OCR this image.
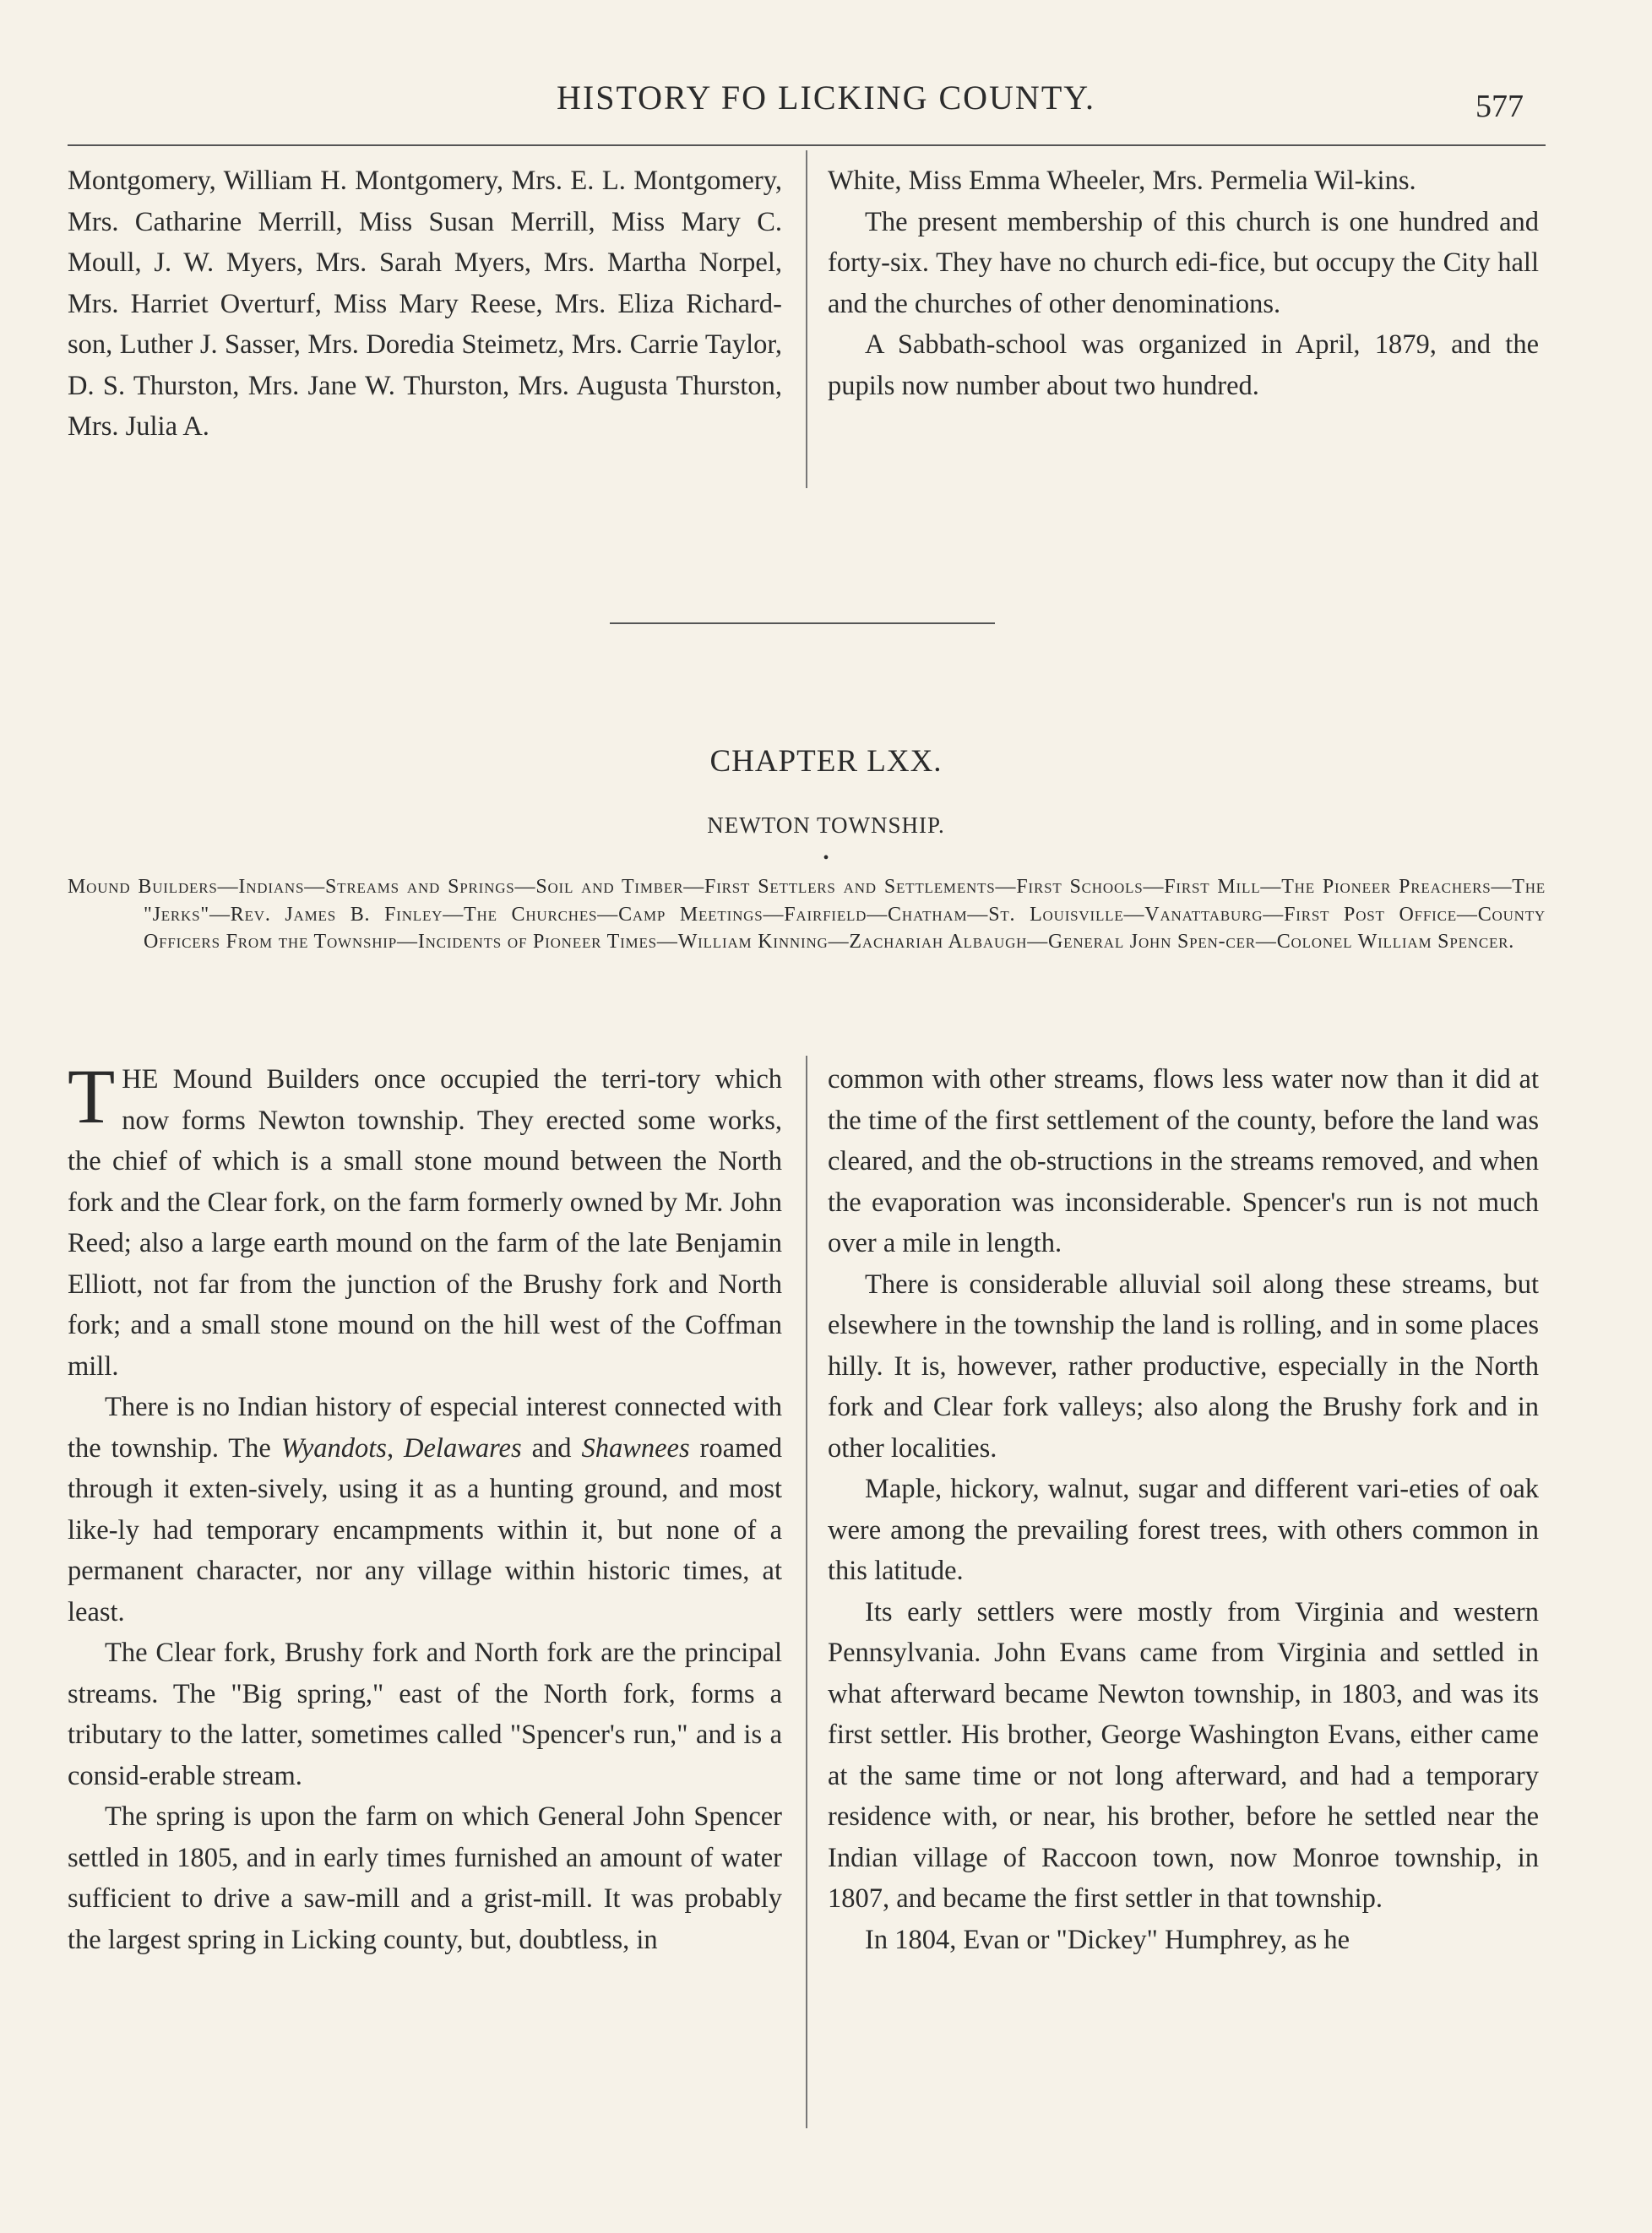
HISTORY FO LICKING COUNTY.	577

Montgomery, William H. Montgomery, Mrs. E. L. Montgomery, Mrs. Catharine Merrill, Miss Susan Merrill, Miss Mary C. Moull, J. W. Myers, Mrs. Sarah Myers, Mrs. Martha Norpel, Mrs. Harriet Overturf, Miss Mary Reese, Mrs. Eliza Richard-son, Luther J. Sasser, Mrs. Doredia Steimetz, Mrs. Carrie Taylor, D. S. Thurston, Mrs. Jane W. Thurston, Mrs. Augusta Thurston, Mrs. Julia A.

White, Miss Emma Wheeler, Mrs. Permelia Wil-kins.

The present membership of this church is one hundred and forty-six. They have no church edi-fice, but occupy the City hall and the churches of other denominations.

A Sabbath-school was organized in April, 1879, and the pupils now number about two hundred.

CHAPTER LXX.
NEWTON TOWNSHIP.
•
Mound Builders—Indians—Streams and Springs—Soil and Timber—First Settlers and Settlements—First Schools—First Mill—The Pioneer Preachers—The "Jerks"—Rev. James B. Finley—The Churches—Camp Meetings—Fairfield—Chatham—St. Louisville—Vanattaburg—First Post Office—County Officers From the Township—Incidents of Pioneer Times—William Kinning—Zachariah Albaugh—General John Spen-cer—Colonel William Spencer.

THE Mound Builders once occupied the terri-tory which now forms Newton township. They erected some works, the chief of which is a small stone mound between the North fork and the Clear fork, on the farm formerly owned by Mr. John Reed; also a large earth mound on the farm of the late Benjamin Elliott, not far from the junction of the Brushy fork and North fork; and a small stone mound on the hill west of the Coffman mill.

There is no Indian history of especial interest connected with the township. The Wyandots, Delawares and Shawnees roamed through it exten-sively, using it as a hunting ground, and most like-ly had temporary encampments within it, but none of a permanent character, nor any village within historic times, at least.

The Clear fork, Brushy fork and North fork are the principal streams. The "Big spring," east of the North fork, forms a tributary to the latter, sometimes called "Spencer's run," and is a consid-erable stream.

The spring is upon the farm on which General John Spencer settled in 1805, and in early times furnished an amount of water sufficient to drive a saw-mill and a grist-mill. It was probably the largest spring in Licking county, but, doubtless, in

common with other streams, flows less water now than it did at the time of the first settlement of the county, before the land was cleared, and the ob-structions in the streams removed, and when the evaporation was inconsiderable. Spencer's run is not much over a mile in length.

There is considerable alluvial soil along these streams, but elsewhere in the township the land is rolling, and in some places hilly. It is, however, rather productive, especially in the North fork and Clear fork valleys; also along the Brushy fork and in other localities.

Maple, hickory, walnut, sugar and different vari-eties of oak were among the prevailing forest trees, with others common in this latitude.

Its early settlers were mostly from Virginia and western Pennsylvania. John Evans came from Virginia and settled in what afterward became Newton township, in 1803, and was its first settler. His brother, George Washington Evans, either came at the same time or not long afterward, and had a temporary residence with, or near, his brother, before he settled near the Indian village of Raccoon town, now Monroe township, in 1807, and became the first settler in that township.

In 1804, Evan or "Dickey" Humphrey, as he
